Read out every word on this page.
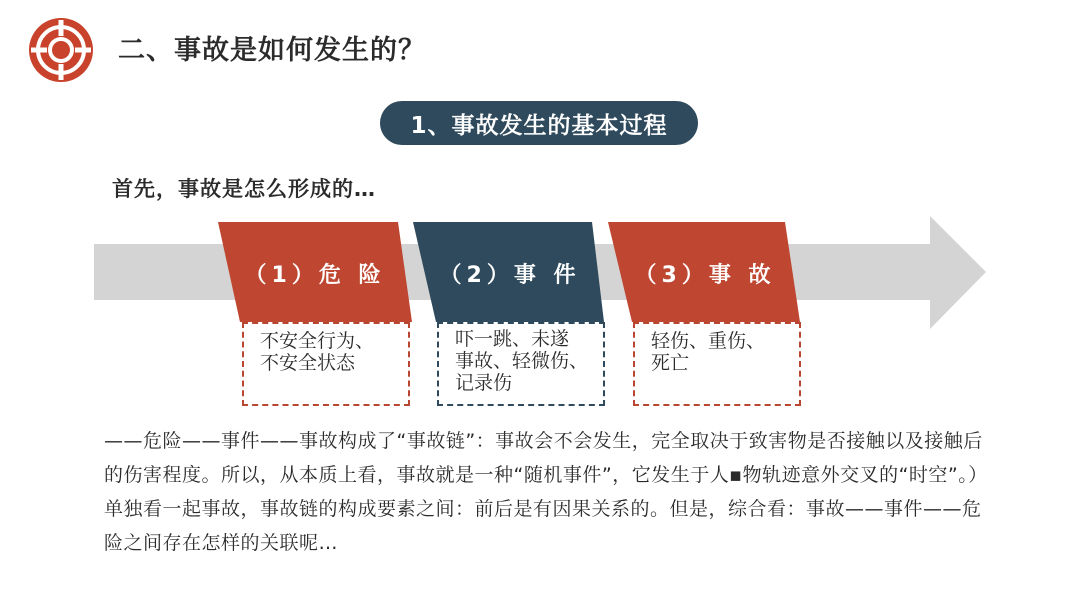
二、事故是如何发生的？
1、事故发生的基本过程
首先，事故是怎么形成的…
（1）危 险	（2）事 件	（3）事 故
不安全行为、
不安全状态
吓一跳、未遂
事故、轻微伤、
记录伤
轻伤、重伤、
死亡
——危险——事件——事故构成了“事故链”：事故会不会发生，完全取决于致害物是否接触以及接触后的伤害程度。所以，从本质上看，事故就是一种“随机事件”，它发生于人▪物轨迹意外交叉的“时空”。）单独看一起事故，事故链的构成要素之间：前后是有因果关系的。但是，综合看：事故——事件——危险之间存在怎样的关联呢…
